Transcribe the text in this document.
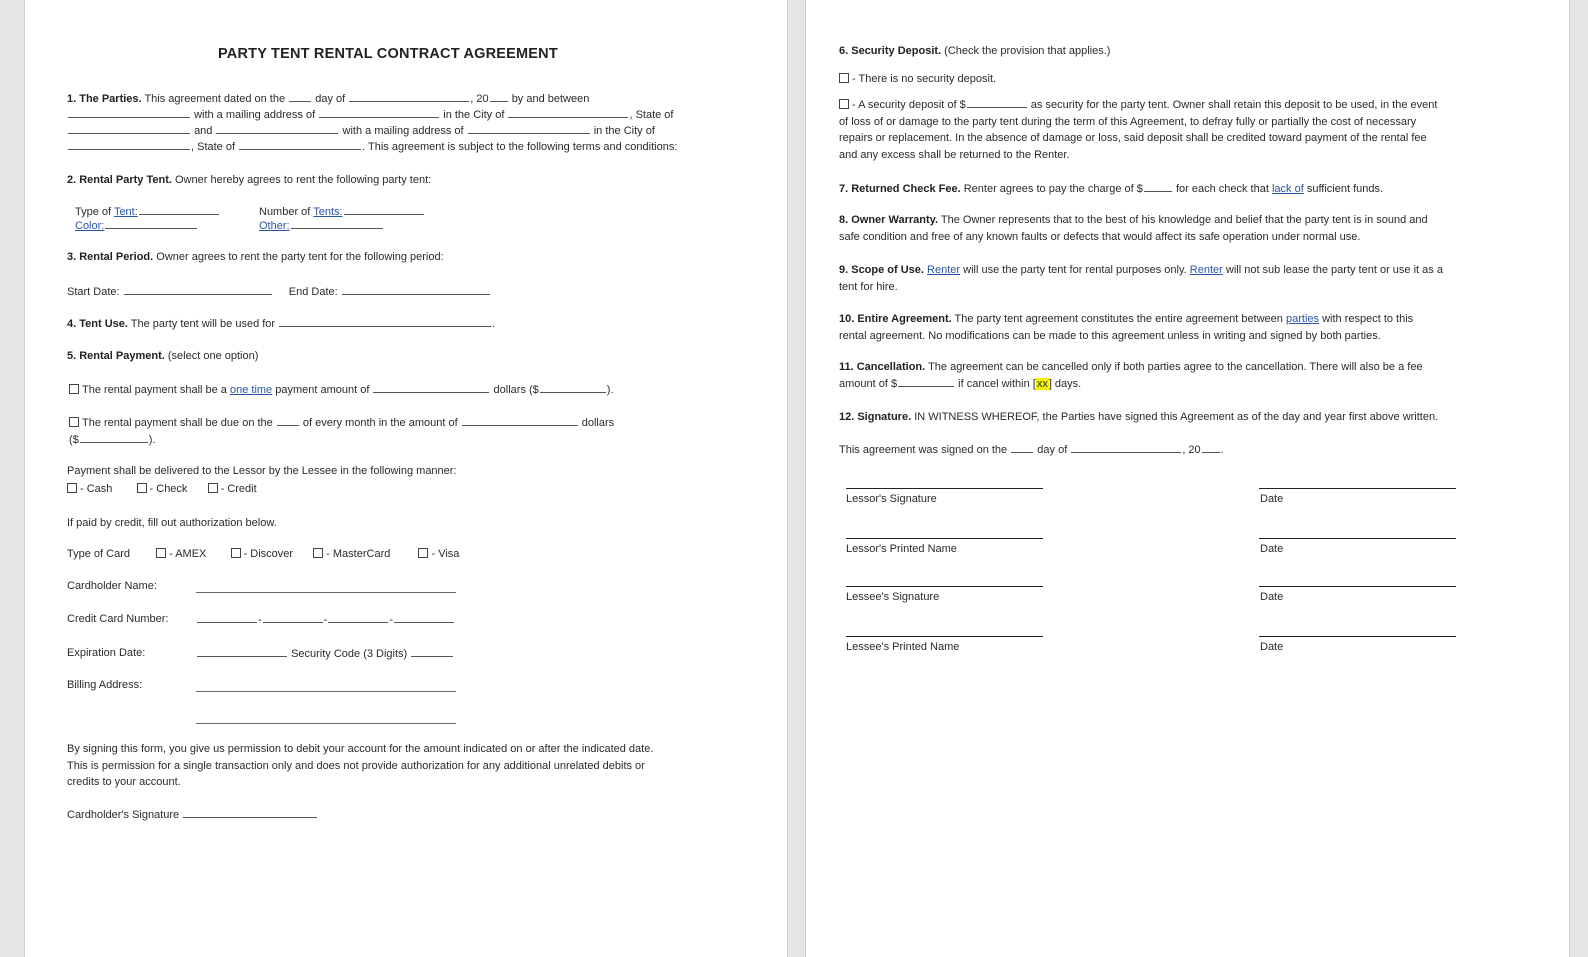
PARTY TENT RENTAL CONTRACT AGREEMENT
1. The Parties. This agreement dated on the	day of	, 20 by and between
with a mailing address of	in the City of	, State of
and	with a mailing address of	in the City of
, State of	. This agreement is subject to the following terms and conditions:
2. Rental Party Tent. Owner hereby agrees to rent the following party tent:
Type of Tent:	Number of Tents:
Color:	Other:
3. Rental Period. Owner agrees to rent the party tent for the following period:
Start Date:	End Date:
4. Tent Use. The party tent will be used for	.
5. Rental Payment. (select one option)
The rental payment shall be a one time payment amount of	dollars ($	).
The rental payment shall be due on the	of every month in the amount of	dollars
($	).
Payment shall be delivered to the Lessor by the Lessee in the following manner:
- Cash	- Check	- Credit
If paid by credit, fill out authorization below.
Type of Card	- AMEX	- Discover	- MasterCard	- Visa
Cardholder Name:
Credit Card Number:	-	-	-
Expiration Date:	Security Code (3 Digits)
Billing Address:
By signing this form, you give us permission to debit your account for the amount indicated on or after the indicated date.
This is permission for a single transaction only and does not provide authorization for any additional unrelated debits or
credits to your account.
Cardholder's Signature
6. Security Deposit. (Check the provision that applies.)
- There is no security deposit.
- A security deposit of $	as security for the party tent. Owner shall retain this deposit to be used, in the event
of loss of or damage to the party tent during the term of this Agreement, to defray fully or partially the cost of necessary
repairs or replacement. In the absence of damage or loss, said deposit shall be credited toward payment of the rental fee
and any excess shall be returned to the Renter.
7. Returned Check Fee. Renter agrees to pay the charge of $	for each check that lack of sufficient funds.
8. Owner Warranty. The Owner represents that to the best of his knowledge and belief that the party tent is in sound and
safe condition and free of any known faults or defects that would affect its safe operation under normal use.
9. Scope of Use. Renter will use the party tent for rental purposes only. Renter will not sub lease the party tent or use it as a
tent for hire.
10. Entire Agreement. The party tent agreement constitutes the entire agreement between parties with respect to this
rental agreement. No modifications can be made to this agreement unless in writing and signed by both parties.
11. Cancellation. The agreement can be cancelled only if both parties agree to the cancellation. There will also be a fee
amount of $	if cancel within [xx] days.
12. Signature. IN WITNESS WHEREOF, the Parties have signed this Agreement as of the day and year first above written.
This agreement was signed on the	day of	, 20 .
Lessor's Signature	Date
Lessor's Printed Name	Date
Lessee's Signature	Date
Lessee's Printed Name	Date
